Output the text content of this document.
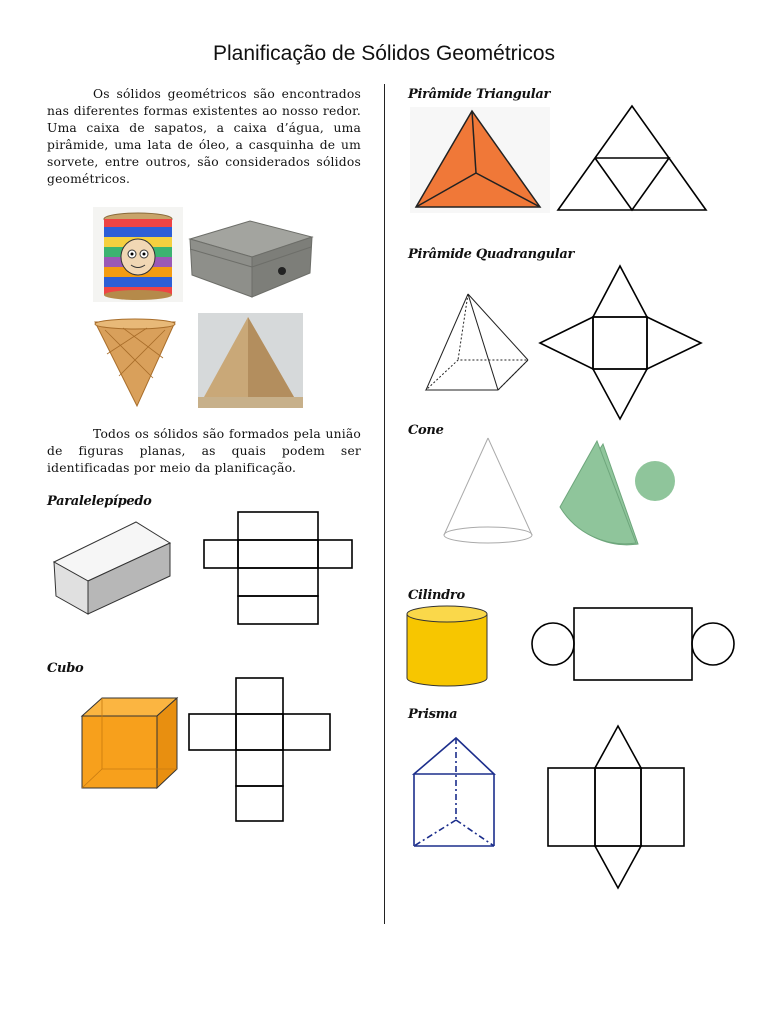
Planificação de Sólidos Geométricos

Os sólidos geométricos são encontrados nas diferentes formas existentes ao nosso redor. Uma caixa de sapatos, a caixa d’água, uma pirâmide, uma lata de óleo, a casquinha de um sorvete, entre outros, são considerados sólidos geométricos.

Todos os sólidos são formados pela união de figuras planas, as quais podem ser identificadas por meio da planificação.

Paralelepípedo

Cubo

Pirâmide Triangular

Pirâmide Quadrangular

Cone

Cilindro

Prisma
